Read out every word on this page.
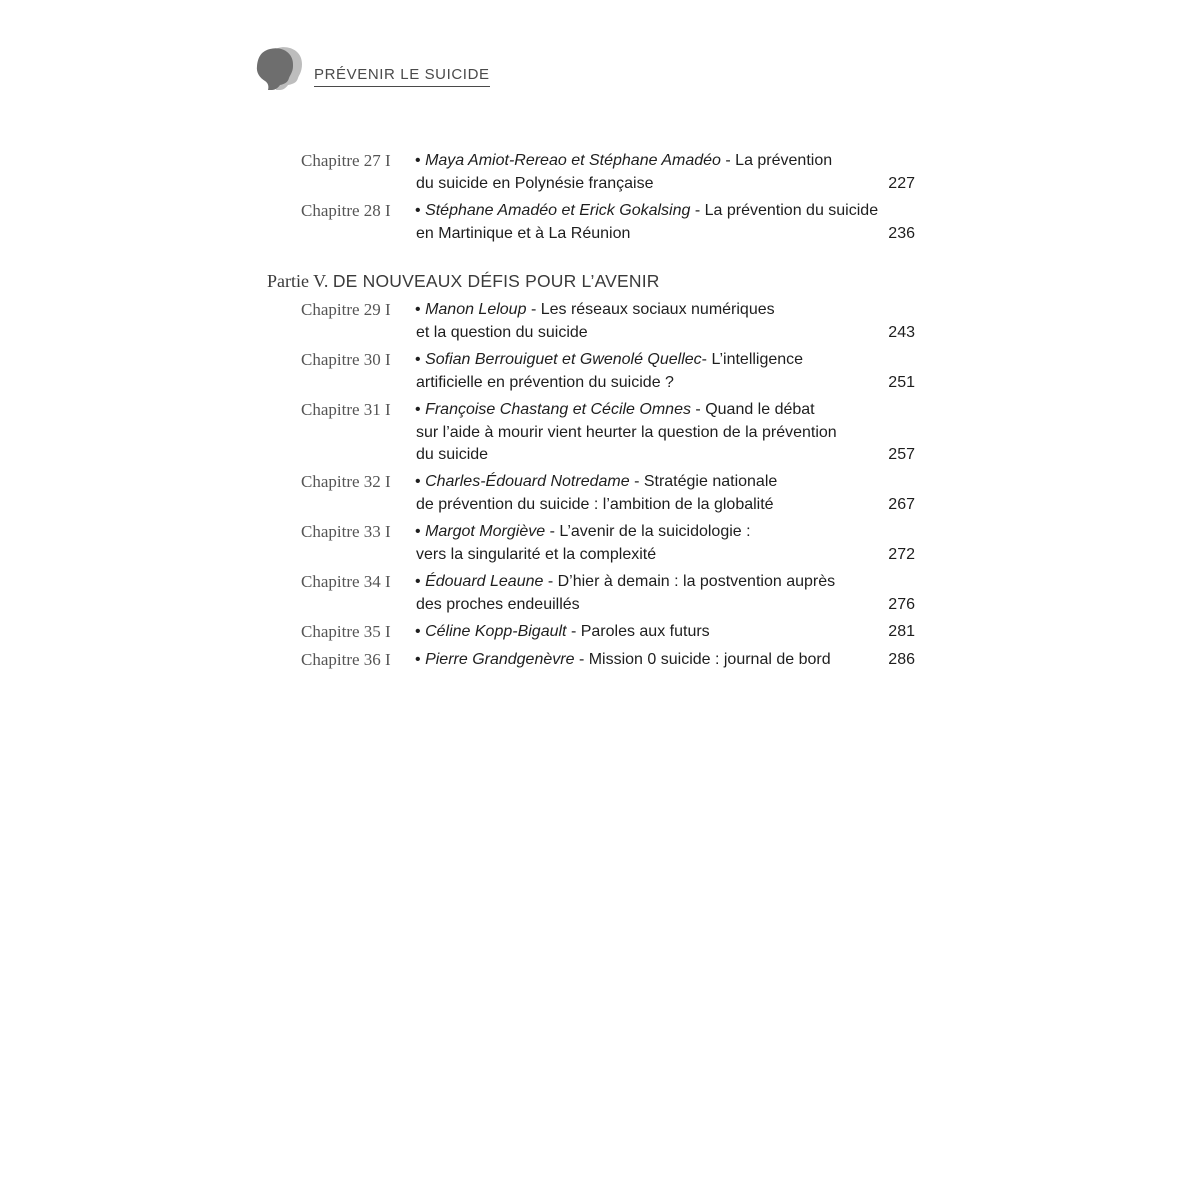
PRÉVENIR LE SUICIDE
Chapitre 27 I	• Maya Amiot-Rereao et Stéphane Amadéo - La prévention
du suicide en Polynésie française	227
Chapitre 28 I	• Stéphane Amadéo et Erick Gokalsing - La prévention du suicide
en Martinique et à La Réunion	236
Partie V. DE NOUVEAUX DÉFIS POUR L’AVENIR
Chapitre 29 I	• Manon Leloup - Les réseaux sociaux numériques
et la question du suicide	243
Chapitre 30 I	• Sofian Berrouiguet et Gwenolé Quellec- L’intelligence
artificielle en prévention du suicide ?	251
Chapitre 31 I	• Françoise Chastang et Cécile Omnes - Quand le débat
sur l’aide à mourir vient heurter la question de la prévention
du suicide	257
Chapitre 32 I	• Charles-Édouard Notredame - Stratégie nationale
de prévention du suicide : l’ambition de la globalité	267
Chapitre 33 I	• Margot Morgiève - L’avenir de la suicidologie :
vers la singularité et la complexité	272
Chapitre 34 I	• Édouard Leaune - D’hier à demain : la postvention auprès
des proches endeuillés	276
Chapitre 35 I	• Céline Kopp-Bigault - Paroles aux futurs	281
Chapitre 36 I	• Pierre Grandgenèvre - Mission 0 suicide : journal de bord	286
